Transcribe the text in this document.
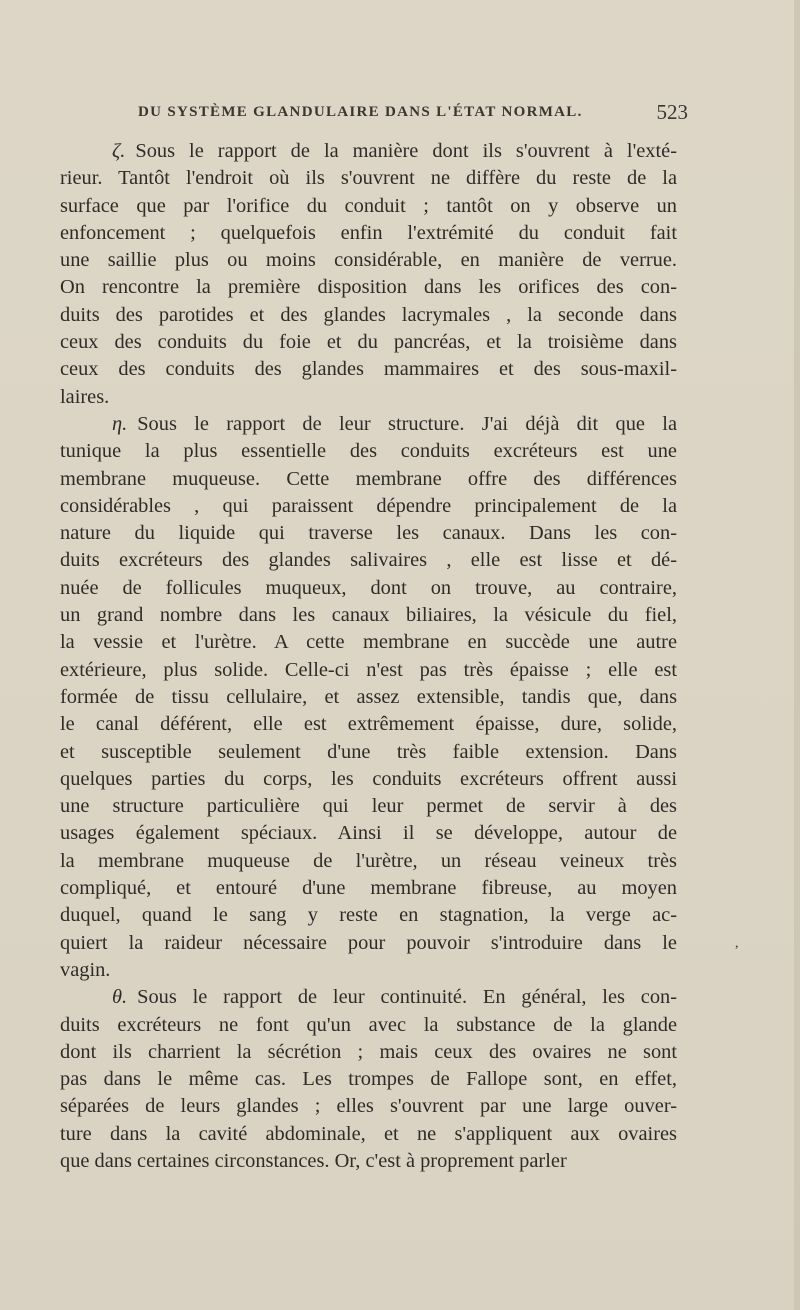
DU SYSTÈME GLANDULAIRE DANS L'ÉTAT NORMAL.	523
ζ. Sous le rapport de la manière dont ils s'ouvrent à l'exté-
rieur. Tantôt l'endroit où ils s'ouvrent ne diffère du reste de la
surface que par l'orifice du conduit ; tantôt on y observe un
enfoncement ; quelquefois enfin l'extrémité du conduit fait
une saillie plus ou moins considérable, en manière de verrue.
On rencontre la première disposition dans les orifices des con-
duits des parotides et des glandes lacrymales , la seconde dans
ceux des conduits du foie et du pancréas, et la troisième dans
ceux des conduits des glandes mammaires et des sous-maxil-
laires.
η. Sous le rapport de leur structure. J'ai déjà dit que la
tunique la plus essentielle des conduits excréteurs est une
membrane muqueuse. Cette membrane offre des différences
considérables , qui paraissent dépendre principalement de la
nature du liquide qui traverse les canaux. Dans les con-
duits excréteurs des glandes salivaires , elle est lisse et dé-
nuée de follicules muqueux, dont on trouve, au contraire,
un grand nombre dans les canaux biliaires, la vésicule du fiel,
la vessie et l'urètre. A cette membrane en succède une autre
extérieure, plus solide. Celle-ci n'est pas très épaisse ; elle est
formée de tissu cellulaire, et assez extensible, tandis que, dans
le canal déférent, elle est extrêmement épaisse, dure, solide,
et susceptible seulement d'une très faible extension. Dans
quelques parties du corps, les conduits excréteurs offrent aussi
une structure particulière qui leur permet de servir à des
usages également spéciaux. Ainsi il se développe, autour de
la membrane muqueuse de l'urètre, un réseau veineux très
compliqué, et entouré d'une membrane fibreuse, au moyen
duquel, quand le sang y reste en stagnation, la verge ac-
quiert la raideur nécessaire pour pouvoir s'introduire dans le
vagin.
θ. Sous le rapport de leur continuité. En général, les con-
duits excréteurs ne font qu'un avec la substance de la glande
dont ils charrient la sécrétion ; mais ceux des ovaires ne sont
pas dans le même cas. Les trompes de Fallope sont, en effet,
séparées de leurs glandes ; elles s'ouvrent par une large ouver-
ture dans la cavité abdominale, et ne s'appliquent aux ovaires
que dans certaines circonstances. Or, c'est à proprement parler
,
